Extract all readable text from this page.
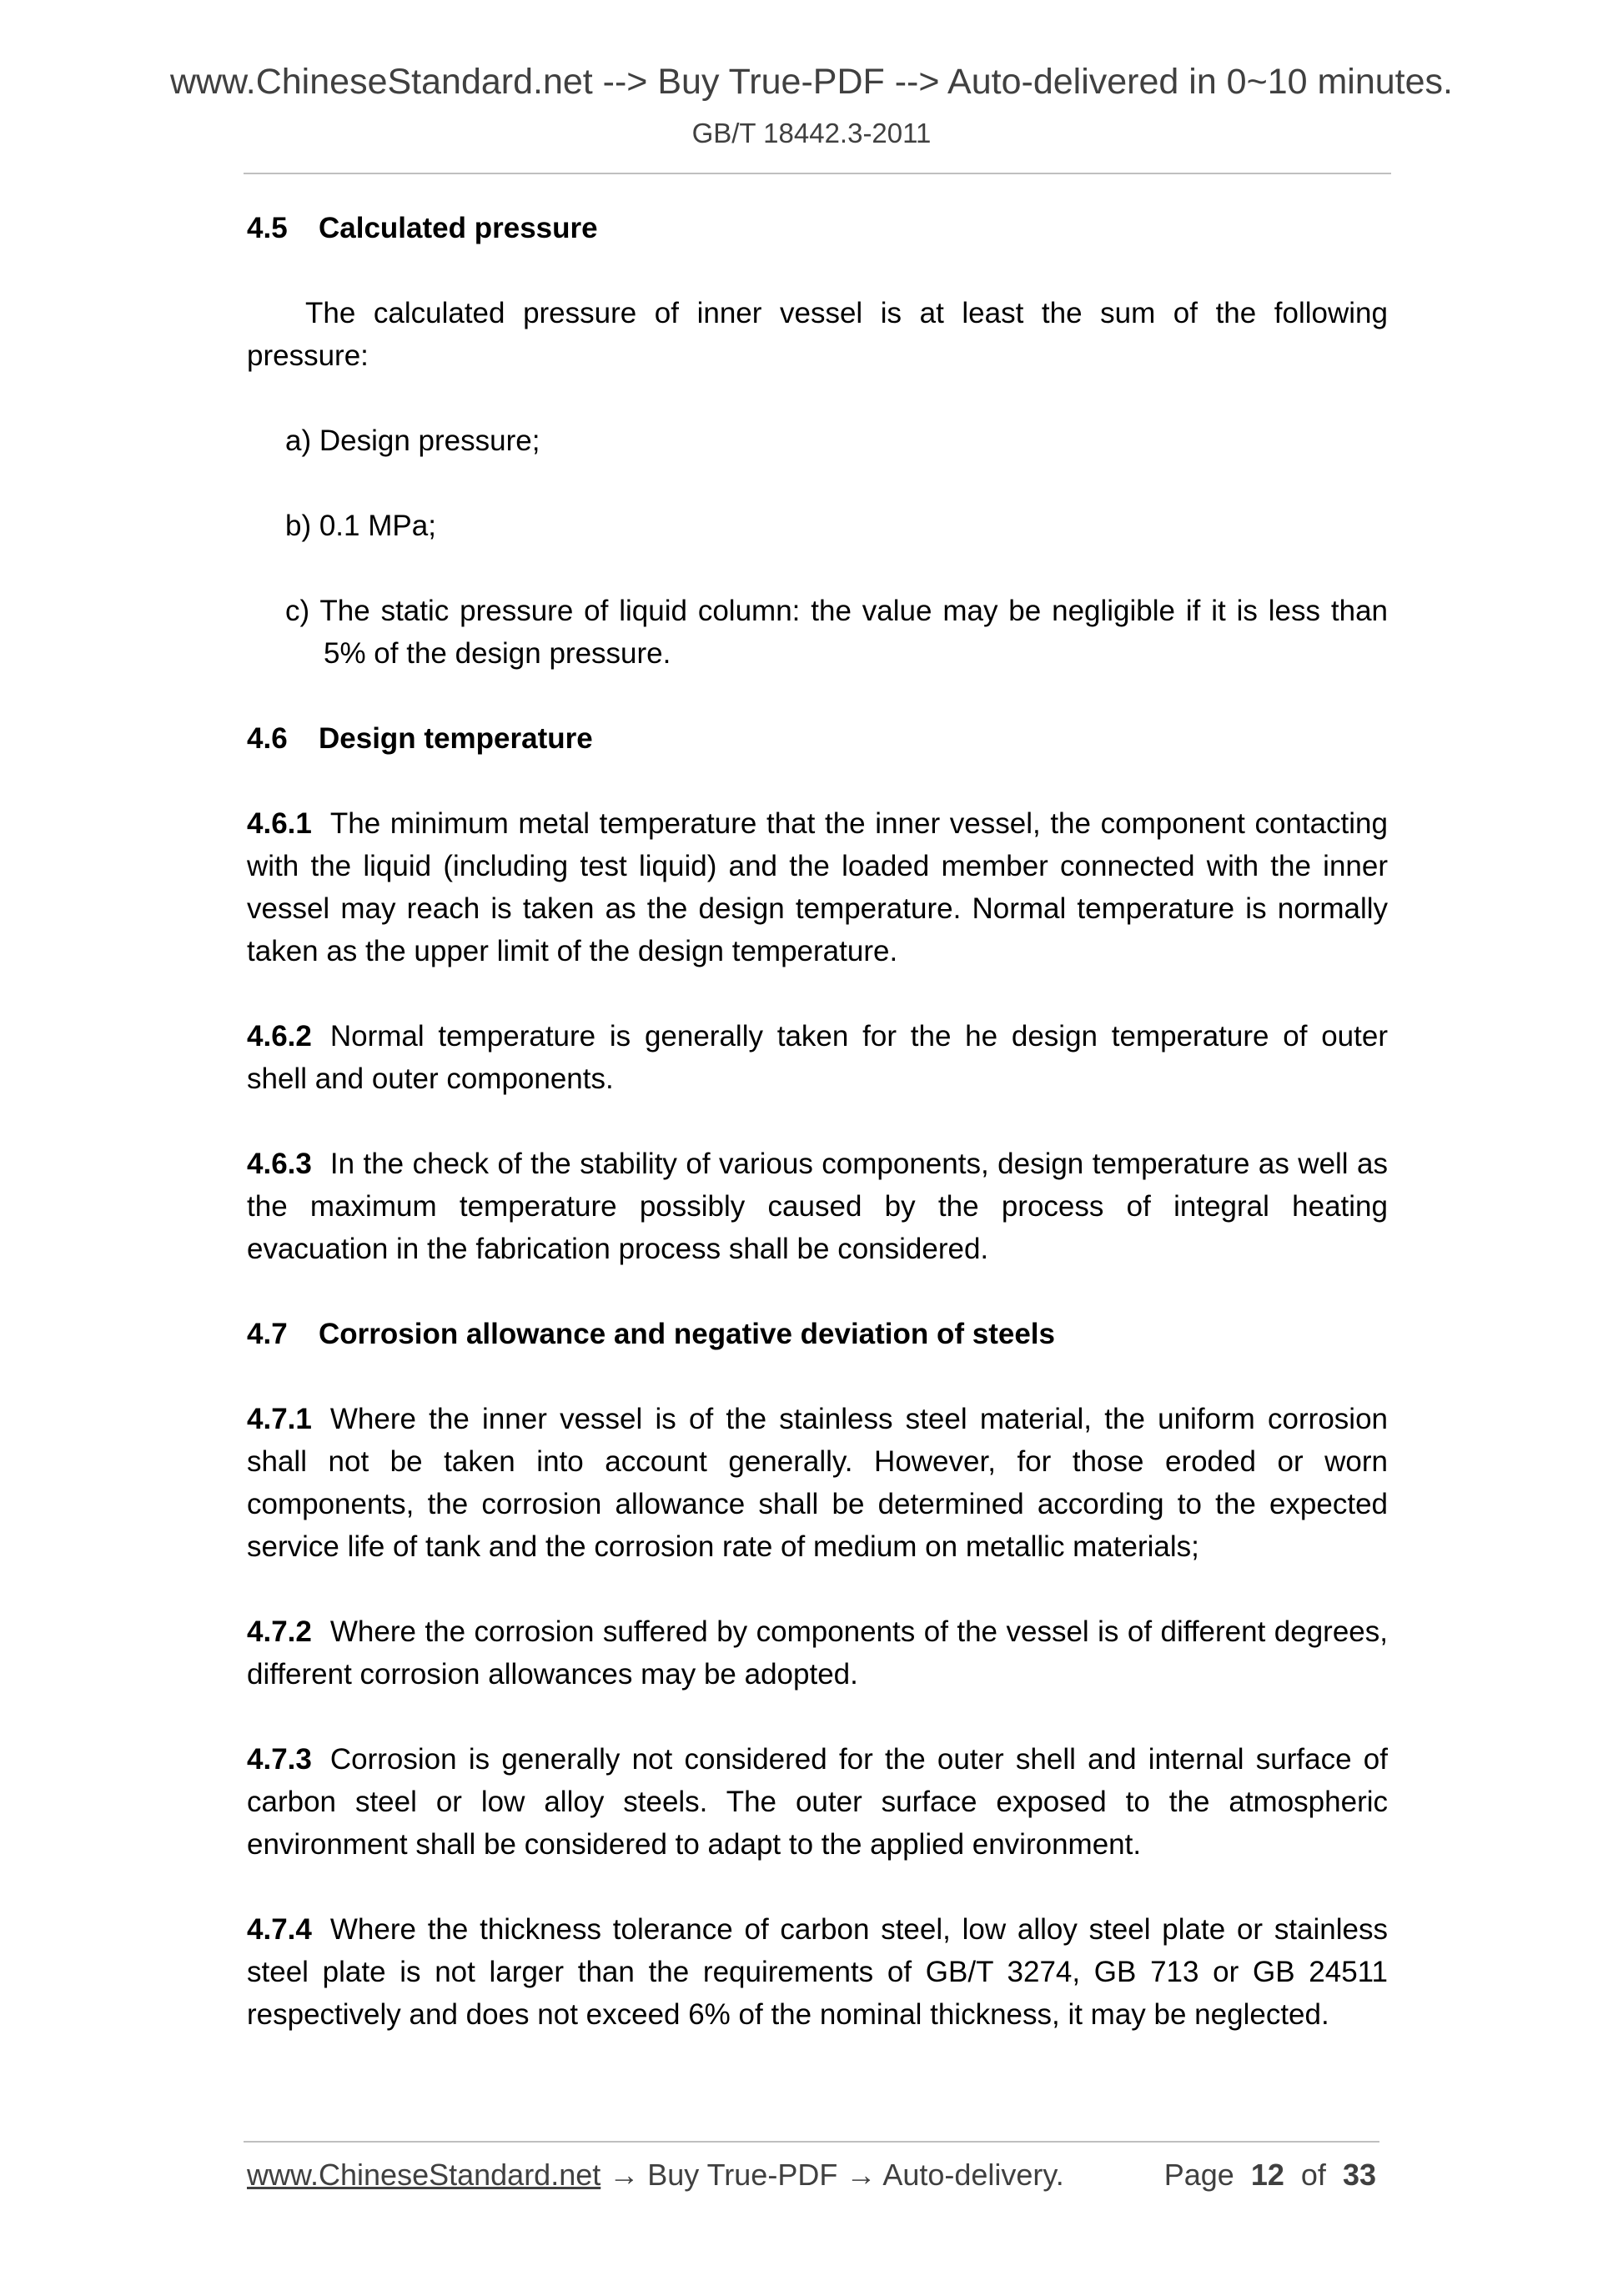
www.ChineseStandard.net --> Buy True-PDF --> Auto-delivered in 0~10 minutes.
GB/T 18442.3-2011

4.5 Calculated pressure

The calculated pressure of inner vessel is at least the sum of the following pressure:

a) Design pressure;

b) 0.1 MPa;

c) The static pressure of liquid column: the value may be negligible if it is less than 5% of the design pressure.

4.6 Design temperature

4.6.1 The minimum metal temperature that the inner vessel, the component contacting with the liquid (including test liquid) and the loaded member connected with the inner vessel may reach is taken as the design temperature. Normal temperature is normally taken as the upper limit of the design temperature.

4.6.2 Normal temperature is generally taken for the he design temperature of outer shell and outer components.

4.6.3 In the check of the stability of various components, design temperature as well as the maximum temperature possibly caused by the process of integral heating evacuation in the fabrication process shall be considered.

4.7 Corrosion allowance and negative deviation of steels

4.7.1 Where the inner vessel is of the stainless steel material, the uniform corrosion shall not be taken into account generally. However, for those eroded or worn components, the corrosion allowance shall be determined according to the expected service life of tank and the corrosion rate of medium on metallic materials;

4.7.2 Where the corrosion suffered by components of the vessel is of different degrees, different corrosion allowances may be adopted.

4.7.3 Corrosion is generally not considered for the outer shell and internal surface of carbon steel or low alloy steels. The outer surface exposed to the atmospheric environment shall be considered to adapt to the applied environment.

4.7.4 Where the thickness tolerance of carbon steel, low alloy steel plate or stainless steel plate is not larger than the requirements of GB/T 3274, GB 713 or GB 24511 respectively and does not exceed 6% of the nominal thickness, it may be neglected.

www.ChineseStandard.net → Buy True-PDF → Auto-delivery.	Page 12 of 33
